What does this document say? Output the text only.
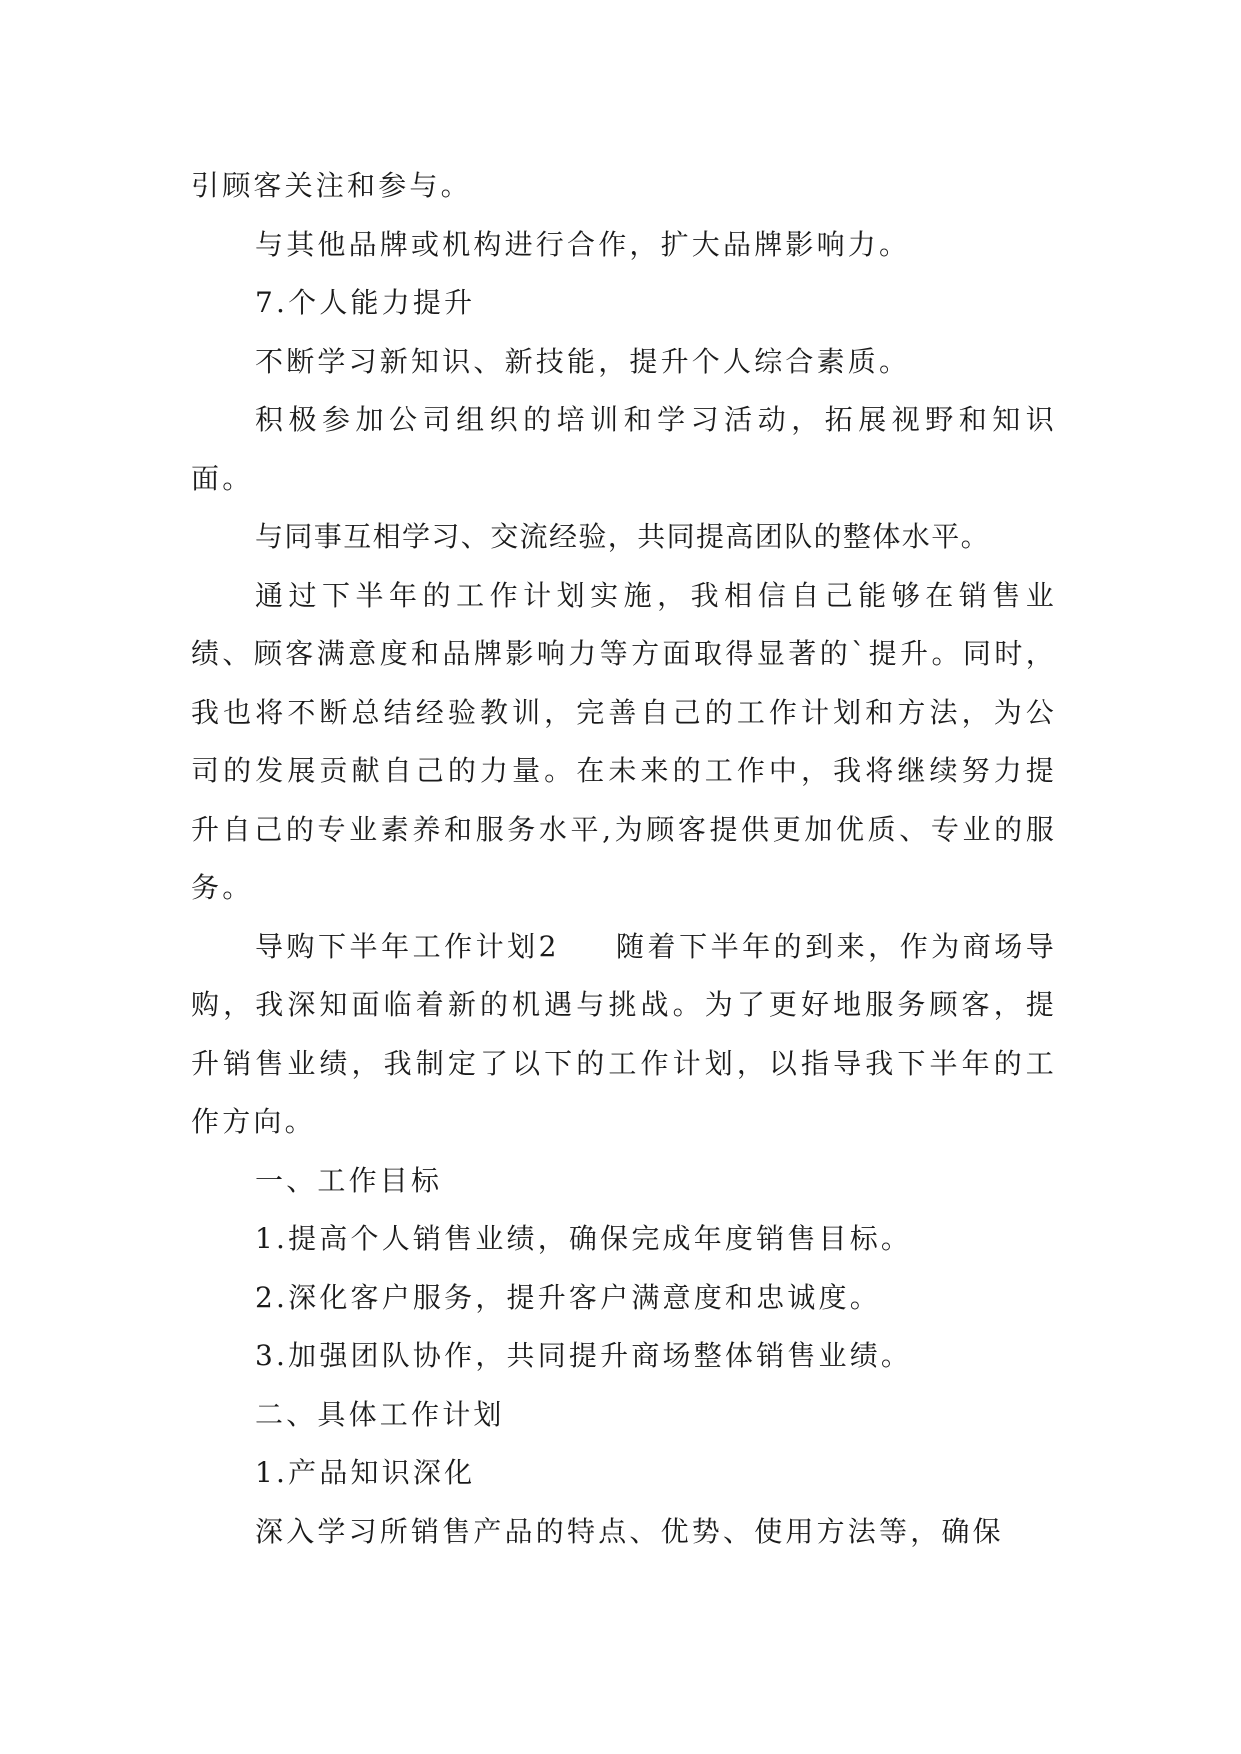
引顾客关注和参与。

与其他品牌或机构进行合作，扩大品牌影响力。

7.个人能力提升

不断学习新知识、新技能，提升个人综合素质。

积极参加公司组织的培训和学习活动，拓展视野和知识面。

与同事互相学习、交流经验，共同提高团队的整体水平。

通过下半年的工作计划实施，我相信自己能够在销售业绩、顾客满意度和品牌影响力等方面取得显著的`提升。同时，我也将不断总结经验教训，完善自己的工作计划和方法，为公司的发展贡献自己的力量。在未来的工作中，我将继续努力提升自己的专业素养和服务水平,为顾客提供更加优质、专业的服务。

导购下半年工作计划2 随着下半年的到来，作为商场导购，我深知面临着新的机遇与挑战。为了更好地服务顾客，提升销售业绩，我制定了以下的工作计划，以指导我下半年的工作方向。

一、工作目标

1.提高个人销售业绩，确保完成年度销售目标。

2.深化客户服务，提升客户满意度和忠诚度。

3.加强团队协作，共同提升商场整体销售业绩。

二、具体工作计划

1.产品知识深化

深入学习所销售产品的特点、优势、使用方法等，确保
